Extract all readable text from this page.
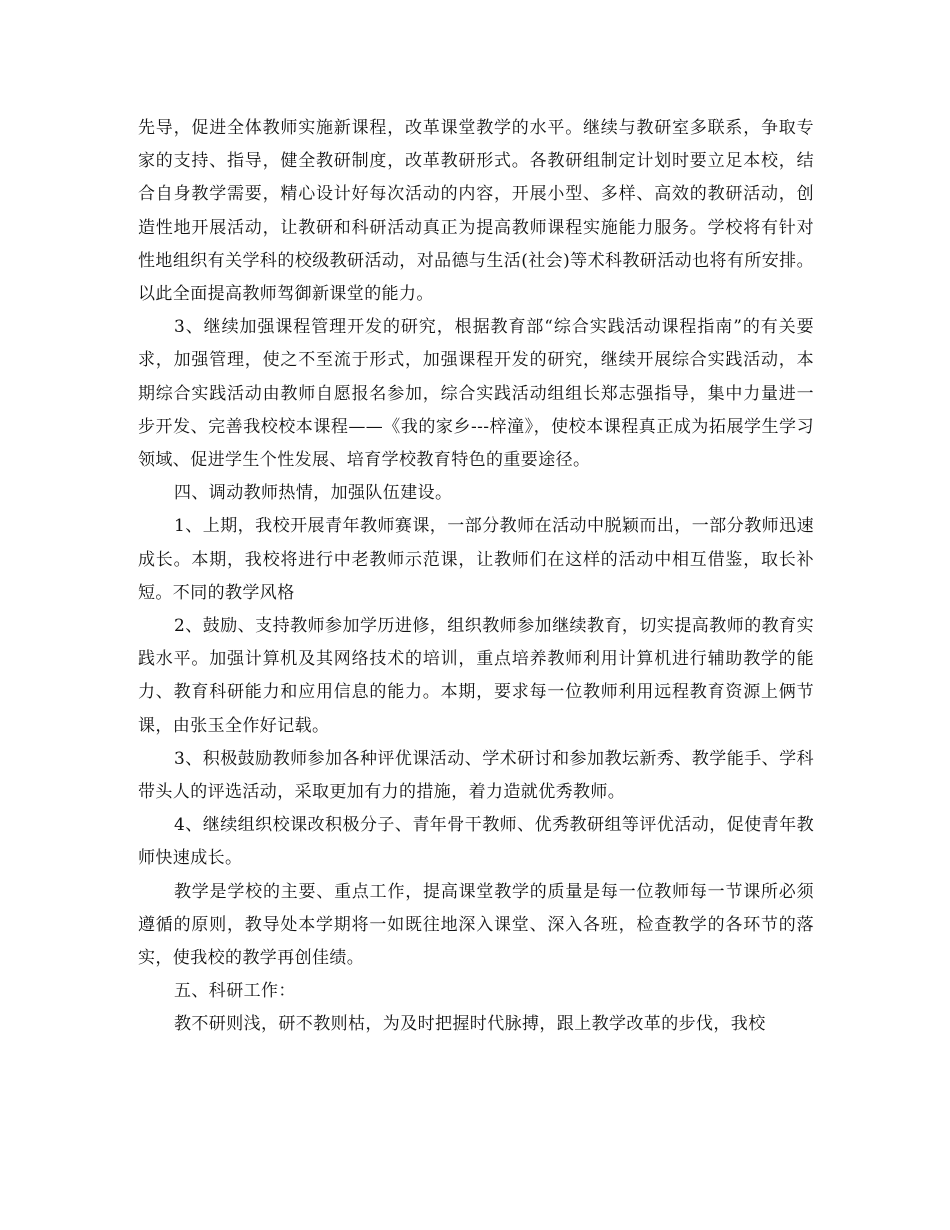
先导，促进全体教师实施新课程，改革课堂教学的水平。继续与教研室多联系，争取专家的支持、指导，健全教研制度，改革教研形式。各教研组制定计划时要立足本校，结合自身教学需要，精心设计好每次活动的内容，开展小型、多样、高效的教研活动，创造性地开展活动，让教研和科研活动真正为提高教师课程实施能力服务。学校将有针对性地组织有关学科的校级教研活动，对品德与生活(社会)等术科教研活动也将有所安排。以此全面提高教师驾御新课堂的能力。

3、继续加强课程管理开发的研究，根据教育部“综合实践活动课程指南”的有关要求，加强管理，使之不至流于形式，加强课程开发的研究，继续开展综合实践活动，本期综合实践活动由教师自愿报名参加，综合实践活动组组长郑志强指导，集中力量进一步开发、完善我校校本课程——《我的家乡---梓潼》，使校本课程真正成为拓展学生学习领域、促进学生个性发展、培育学校教育特色的重要途径。

四、调动教师热情，加强队伍建设。

1、上期，我校开展青年教师赛课，一部分教师在活动中脱颖而出，一部分教师迅速成长。本期，我校将进行中老教师示范课，让教师们在这样的活动中相互借鉴，取长补短。不同的教学风格

2、鼓励、支持教师参加学历进修，组织教师参加继续教育，切实提高教师的教育实践水平。加强计算机及其网络技术的培训，重点培养教师利用计算机进行辅助教学的能力、教育科研能力和应用信息的能力。本期，要求每一位教师利用远程教育资源上俩节课，由张玉全作好记载。

3、积极鼓励教师参加各种评优课活动、学术研讨和参加教坛新秀、教学能手、学科带头人的评选活动，采取更加有力的措施，着力造就优秀教师。

4、继续组织校课改积极分子、青年骨干教师、优秀教研组等评优活动，促使青年教师快速成长。

教学是学校的主要、重点工作，提高课堂教学的质量是每一位教师每一节课所必须遵循的原则，教导处本学期将一如既往地深入课堂、深入各班，检查教学的各环节的落实，使我校的教学再创佳绩。

五、科研工作：

教不研则浅，研不教则枯，为及时把握时代脉搏，跟上教学改革的步伐，我校
